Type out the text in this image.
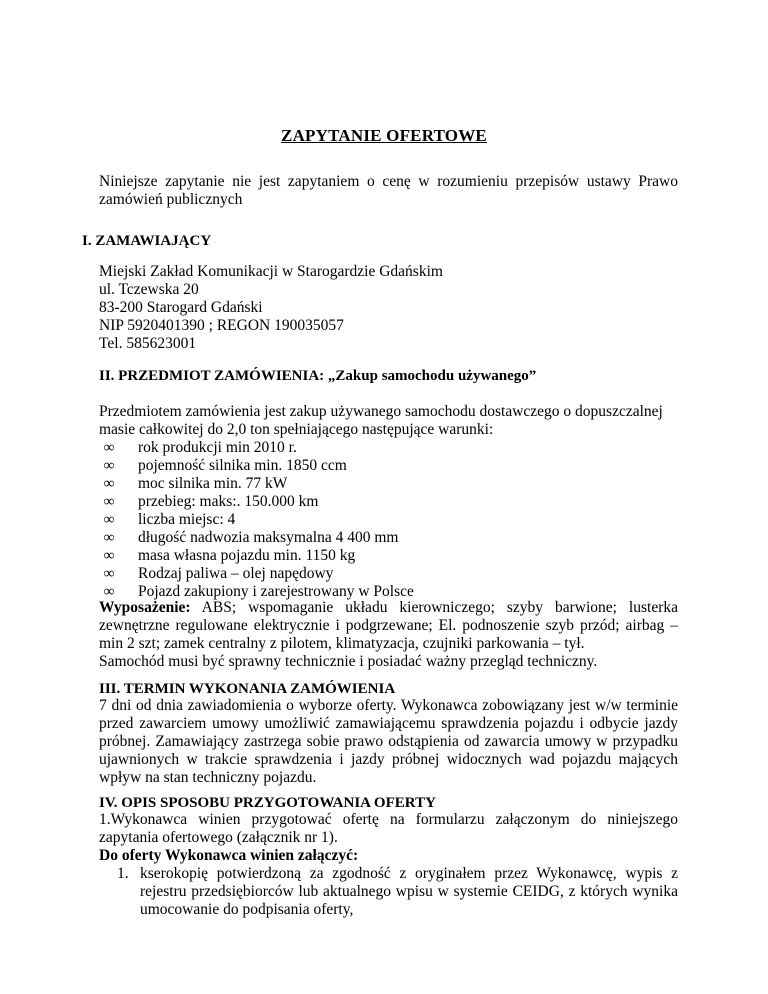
ZAPYTANIE OFERTOWE
Niniejsze zapytanie nie jest zapytaniem o cenę w rozumieniu przepisów ustawy Prawo zamówień publicznych
I. ZAMAWIAJĄCY
Miejski Zakład Komunikacji w Starogardzie Gdańskim
ul. Tczewska 20
83-200 Starogard Gdański
NIP 5920401390 ; REGON 190035057
Tel. 585623001
II. PRZEDMIOT ZAMÓWIENIA: „Zakup samochodu używanego”
Przedmiotem zamówienia jest zakup używanego samochodu dostawczego o dopuszczalnej
masie całkowitej do 2,0 ton spełniającego następujące warunki:
∞ rok produkcji min 2010 r.
∞ pojemność silnika min. 1850 ccm
∞ moc silnika min. 77 kW
∞ przebieg: maks:. 150.000 km
∞ liczba miejsc: 4
∞ długość nadwozia maksymalna 4 400 mm
∞ masa własna pojazdu min. 1150 kg
∞ Rodzaj paliwa – olej napędowy
∞ Pojazd zakupiony i zarejestrowany w Polsce
Wyposażenie: ABS; wspomaganie układu kierowniczego; szyby barwione; lusterka zewnętrzne regulowane elektrycznie i podgrzewane; El. podnoszenie szyb przód; airbag – min 2 szt; zamek centralny z pilotem, klimatyzacja, czujniki parkowania – tył.
Samochód musi być sprawny technicznie i posiadać ważny przegląd techniczny.
III. TERMIN WYKONANIA ZAMÓWIENIA
7 dni od dnia zawiadomienia o wyborze oferty. Wykonawca zobowiązany jest w/w terminie przed zawarciem umowy umożliwić zamawiającemu sprawdzenia pojazdu i odbycie jazdy próbnej. Zamawiający zastrzega sobie prawo odstąpienia od zawarcia umowy w przypadku ujawnionych w trakcie sprawdzenia i jazdy próbnej widocznych wad pojazdu mających wpływ na stan techniczny pojazdu.
IV. OPIS SPOSOBU PRZYGOTOWANIA OFERTY
1.Wykonawca winien przygotować ofertę na formularzu załączonym do niniejszego zapytania ofertowego (załącznik nr 1).
Do oferty Wykonawca winien załączyć:
1. kserokopię potwierdzoną za zgodność z oryginałem przez Wykonawcę, wypis z rejestru przedsiębiorców lub aktualnego wpisu w systemie CEIDG, z których wynika umocowanie do podpisania oferty,
